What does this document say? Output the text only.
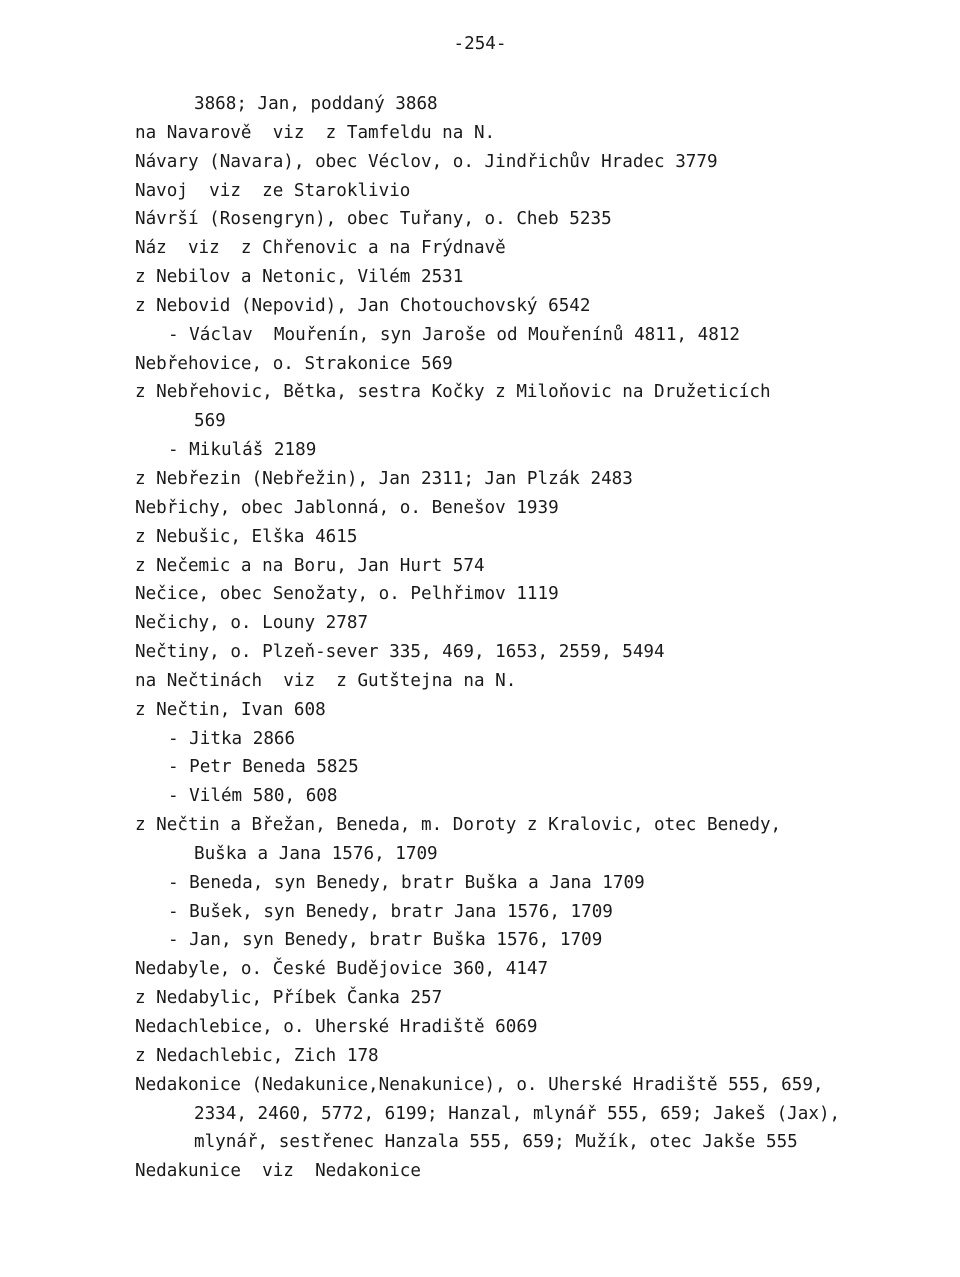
-254-
3868; Jan, poddaný 3868
na Navarově  viz  z Tamfeldu na N.
Návary (Navara), obec Véclov, o. Jindřichův Hradec 3779
Navoj  viz  ze Staroklivio
Návrší (Rosengryn), obec Tuřany, o. Cheb 5235
Náz  viz  z Chřenovic a na Frýdnavě
z Nebilov a Netonic, Vilém 2531
z Nebovid (Nepovid), Jan Chotouchovský 6542
- Václav  Mouřenín, syn Jaroše od Mouřenínů 4811, 4812
Nebřehovice, o. Strakonice 569
z Nebřehovic, Bětka, sestra Kočky z Miloňovic na Družeticích
569
- Mikuláš 2189
z Nebřezin (Nebřežin), Jan 2311; Jan Plzák 2483
Nebřichy, obec Jablonná, o. Benešov 1939
z Nebušic, Elška 4615
z Nečemic a na Boru, Jan Hurt 574
Nečice, obec Senožaty, o. Pelhřimov 1119
Nečichy, o. Louny 2787
Nečtiny, o. Plzeň-sever 335, 469, 1653, 2559, 5494
na Nečtinách  viz  z Gutštejna na N.
z Nečtin, Ivan 608
- Jitka 2866
- Petr Beneda 5825
- Vilém 580, 608
z Nečtin a Břežan, Beneda, m. Doroty z Kralovic, otec Benedy,
Buška a Jana 1576, 1709
- Beneda, syn Benedy, bratr Buška a Jana 1709
- Bušek, syn Benedy, bratr Jana 1576, 1709
- Jan, syn Benedy, bratr Buška 1576, 1709
Nedabyle, o. České Budějovice 360, 4147
z Nedabylic, Příbek Čanka 257
Nedachlebice, o. Uherské Hradiště 6069
z Nedachlebic, Zich 178
Nedakonice (Nedakunice,Nenakunice), o. Uherské Hradiště 555, 659,
2334, 2460, 5772, 6199; Hanzal, mlynář 555, 659; Jakeš (Jax),
mlynář, sestřenec Hanzala 555, 659; Mužík, otec Jakše 555
Nedakunice  viz  Nedakonice
